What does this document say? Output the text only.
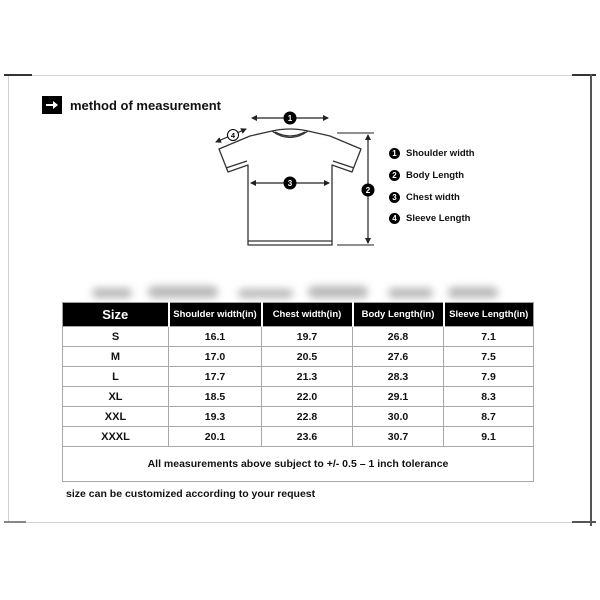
method of measurement
1
4
3
2
1 Shoulder width
2 Body Length
3 Chest width
4 Sleeve Length
Size	Shoulder width(in)	Chest width(in)	Body Length(in)	Sleeve Length(in)
S	16.1	19.7	26.8	7.1
M	17.0	20.5	27.6	7.5
L	17.7	21.3	28.3	7.9
XL	18.5	22.0	29.1	8.3
XXL	19.3	22.8	30.0	8.7
XXXL	20.1	23.6	30.7	9.1
All measurements above subject to +/- 0.5 – 1 inch tolerance				
size can be customized according to your request
